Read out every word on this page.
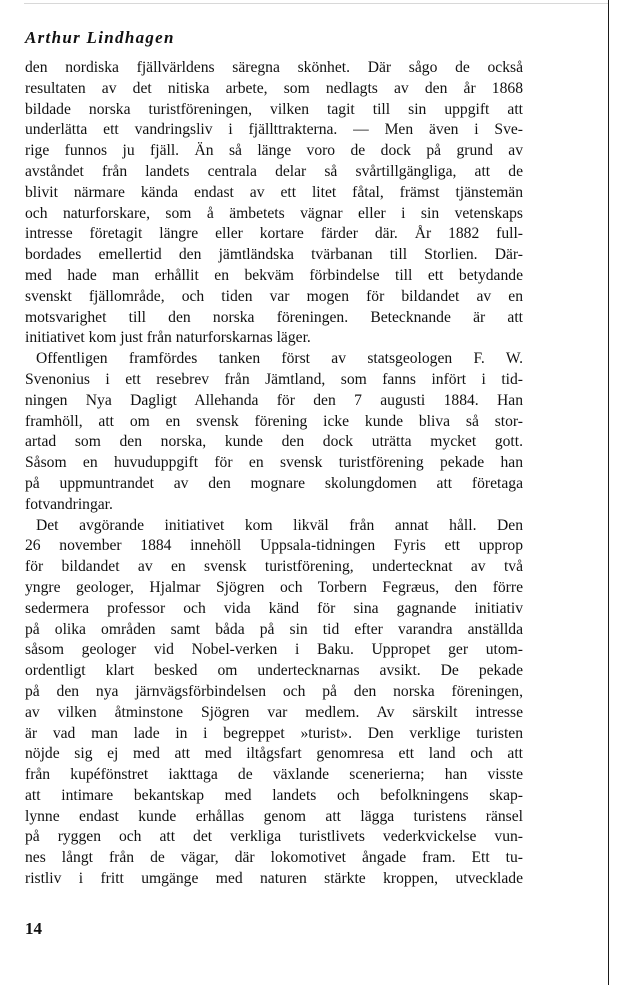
Arthur Lindhagen
den nordiska fjällvärldens säregna skönhet. Där sågo de också
resultaten av det nitiska arbete, som nedlagts av den år 1868
bildade norska turistföreningen, vilken tagit till sin uppgift att
underlätta ett vandringsliv i fjällttrakterna. — Men även i Sve-
rige funnos ju fjäll. Än så länge voro de dock på grund av
avståndet från landets centrala delar så svårtillgängliga, att de
blivit närmare kända endast av ett litet fåtal, främst tjänstemän
och naturforskare, som å ämbetets vägnar eller i sin vetenskaps
intresse företagit längre eller kortare färder där. År 1882 full-
bordades emellertid den jämtländska tvärbanan till Storlien. Där-
med hade man erhållit en bekväm förbindelse till ett betydande
svenskt fjällområde, och tiden var mogen för bildandet av en
motsvarighet till den norska föreningen. Betecknande är att
initiativet kom just från naturforskarnas läger.
Offentligen framfördes tanken först av statsgeologen F. W.
Svenonius i ett resebrev från Jämtland, som fanns infört i tid-
ningen Nya Dagligt Allehanda för den 7 augusti 1884. Han
framhöll, att om en svensk förening icke kunde bliva så stor-
artad som den norska, kunde den dock uträtta mycket gott.
Såsom en huvuduppgift för en svensk turistförening pekade han
på uppmuntrandet av den mognare skolungdomen att företaga
fotvandringar.
Det avgörande initiativet kom likväl från annat håll. Den
26 november 1884 innehöll Uppsala-tidningen Fyris ett upprop
för bildandet av en svensk turistförening, undertecknat av två
yngre geologer, Hjalmar Sjögren och Torbern Fegræus, den förre
sedermera professor och vida känd för sina gagnande initiativ
på olika områden samt båda på sin tid efter varandra anställda
såsom geologer vid Nobel-verken i Baku. Uppropet ger utom-
ordentligt klart besked om undertecknarnas avsikt. De pekade
på den nya järnvägsförbindelsen och på den norska föreningen,
av vilken åtminstone Sjögren var medlem. Av särskilt intresse
är vad man lade in i begreppet »turist». Den verklige turisten
nöjde sig ej med att med iltågsfart genomresa ett land och att
från kupéfönstret iakttaga de växlande scenerierna; han visste
att intimare bekantskap med landets och befolkningens skap-
lynne endast kunde erhållas genom att lägga turistens ränsel
på ryggen och att det verkliga turistlivets vederkvickelse vun-
nes långt från de vägar, där lokomotivet ångade fram. Ett tu-
ristliv i fritt umgänge med naturen stärkte kroppen, utvecklade
14
